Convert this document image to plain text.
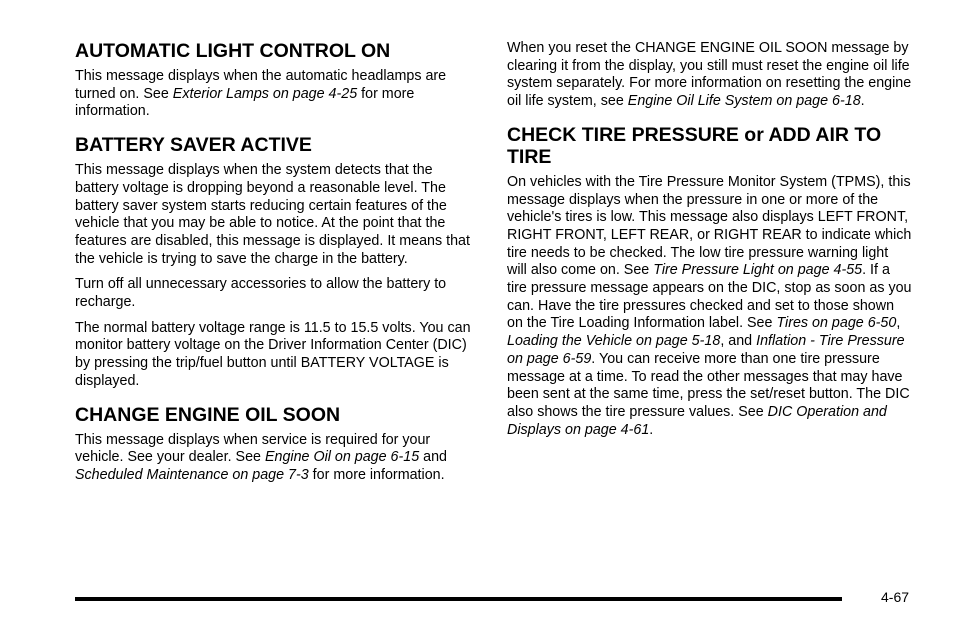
AUTOMATIC LIGHT CONTROL ON

This message displays when the automatic headlamps are turned on. See Exterior Lamps on page 4-25 for more information.

BATTERY SAVER ACTIVE

This message displays when the system detects that the battery voltage is dropping beyond a reasonable level. The battery saver system starts reducing certain features of the vehicle that you may be able to notice. At the point that the features are disabled, this message is displayed. It means that the vehicle is trying to save the charge in the battery.

Turn off all unnecessary accessories to allow the battery to recharge.

The normal battery voltage range is 11.5 to 15.5 volts. You can monitor battery voltage on the Driver Information Center (DIC) by pressing the trip/fuel button until BATTERY VOLTAGE is displayed.

CHANGE ENGINE OIL SOON

This message displays when service is required for your vehicle. See your dealer. See Engine Oil on page 6-15 and Scheduled Maintenance on page 7-3 for more information.

When you reset the CHANGE ENGINE OIL SOON message by clearing it from the display, you still must reset the engine oil life system separately. For more information on resetting the engine oil life system, see Engine Oil Life System on page 6-18.

CHECK TIRE PRESSURE or ADD AIR TO TIRE

On vehicles with the Tire Pressure Monitor System (TPMS), this message displays when the pressure in one or more of the vehicle's tires is low. This message also displays LEFT FRONT, RIGHT FRONT, LEFT REAR, or RIGHT REAR to indicate which tire needs to be checked. The low tire pressure warning light will also come on. See Tire Pressure Light on page 4-55. If a tire pressure message appears on the DIC, stop as soon as you can. Have the tire pressures checked and set to those shown on the Tire Loading Information label. See Tires on page 6-50, Loading the Vehicle on page 5-18, and Inflation - Tire Pressure on page 6-59. You can receive more than one tire pressure message at a time. To read the other messages that may have been sent at the same time, press the set/reset button. The DIC also shows the tire pressure values. See DIC Operation and Displays on page 4-61.

4-67
